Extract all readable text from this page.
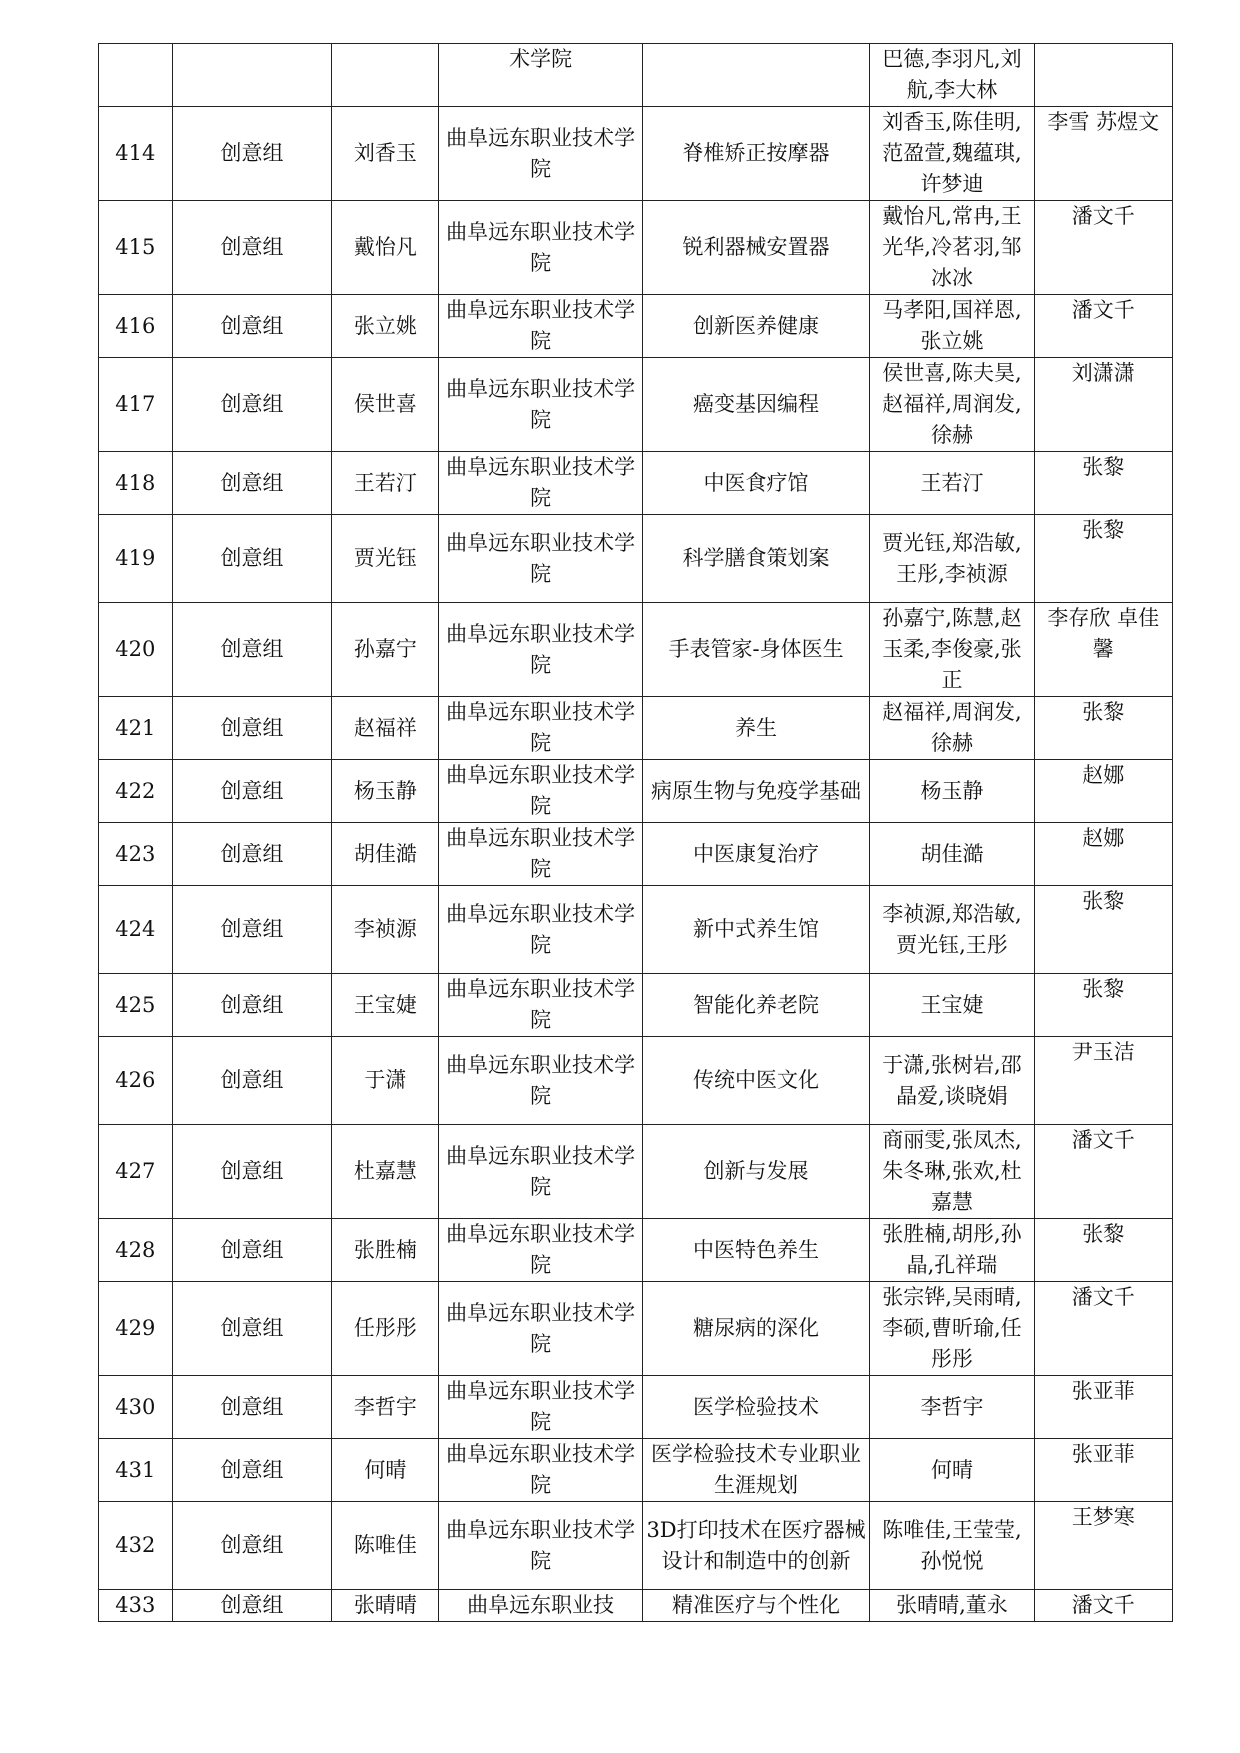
			术学院		巴德,李羽凡,刘航,李大林	
414	创意组	刘香玉	曲阜远东职业技术学院	脊椎矫正按摩器	刘香玉,陈佳明,范盈萱,魏蕴琪,许梦迪	李雪 苏煜文
415	创意组	戴怡凡	曲阜远东职业技术学院	锐利器械安置器	戴怡凡,常冉,王光华,冷茗羽,邹冰冰	潘文千
416	创意组	张立姚	曲阜远东职业技术学院	创新医养健康	马孝阳,国祥恩,张立姚	潘文千
417	创意组	侯世喜	曲阜远东职业技术学院	癌变基因编程	侯世喜,陈夫昊,赵福祥,周润发,徐赫	刘潇潇
418	创意组	王若汀	曲阜远东职业技术学院	中医食疗馆	王若汀	张黎
419	创意组	贾光钰	曲阜远东职业技术学院	科学膳食策划案	贾光钰,郑浩敏,王彤,李祯源	张黎
420	创意组	孙嘉宁	曲阜远东职业技术学院	手表管家-身体医生	孙嘉宁,陈慧,赵玉柔,李俊豪,张正	李存欣 卓佳馨
421	创意组	赵福祥	曲阜远东职业技术学院	养生	赵福祥,周润发,徐赫	张黎
422	创意组	杨玉静	曲阜远东职业技术学院	病原生物与免疫学基础	杨玉静	赵娜
423	创意组	胡佳澔	曲阜远东职业技术学院	中医康复治疗	胡佳澔	赵娜
424	创意组	李祯源	曲阜远东职业技术学院	新中式养生馆	李祯源,郑浩敏,贾光钰,王彤	张黎
425	创意组	王宝婕	曲阜远东职业技术学院	智能化养老院	王宝婕	张黎
426	创意组	于潇	曲阜远东职业技术学院	传统中医文化	于潇,张树岩,邵晶爱,谈晓娟	尹玉洁
427	创意组	杜嘉慧	曲阜远东职业技术学院	创新与发展	商丽雯,张凤杰,朱冬琳,张欢,杜嘉慧	潘文千
428	创意组	张胜楠	曲阜远东职业技术学院	中医特色养生	张胜楠,胡彤,孙晶,孔祥瑞	张黎
429	创意组	任彤彤	曲阜远东职业技术学院	糖尿病的深化	张宗铧,吴雨晴,李硕,曹昕瑜,任彤彤	潘文千
430	创意组	李哲宇	曲阜远东职业技术学院	医学检验技术	李哲宇	张亚菲
431	创意组	何晴	曲阜远东职业技术学院	医学检验技术专业职业生涯规划	何晴	张亚菲
432	创意组	陈唯佳	曲阜远东职业技术学院	3D打印技术在医疗器械设计和制造中的创新	陈唯佳,王莹莹,孙悦悦	王梦寒
433	创意组	张晴晴	曲阜远东职业技	精准医疗与个性化	张晴晴,董永	潘文千
